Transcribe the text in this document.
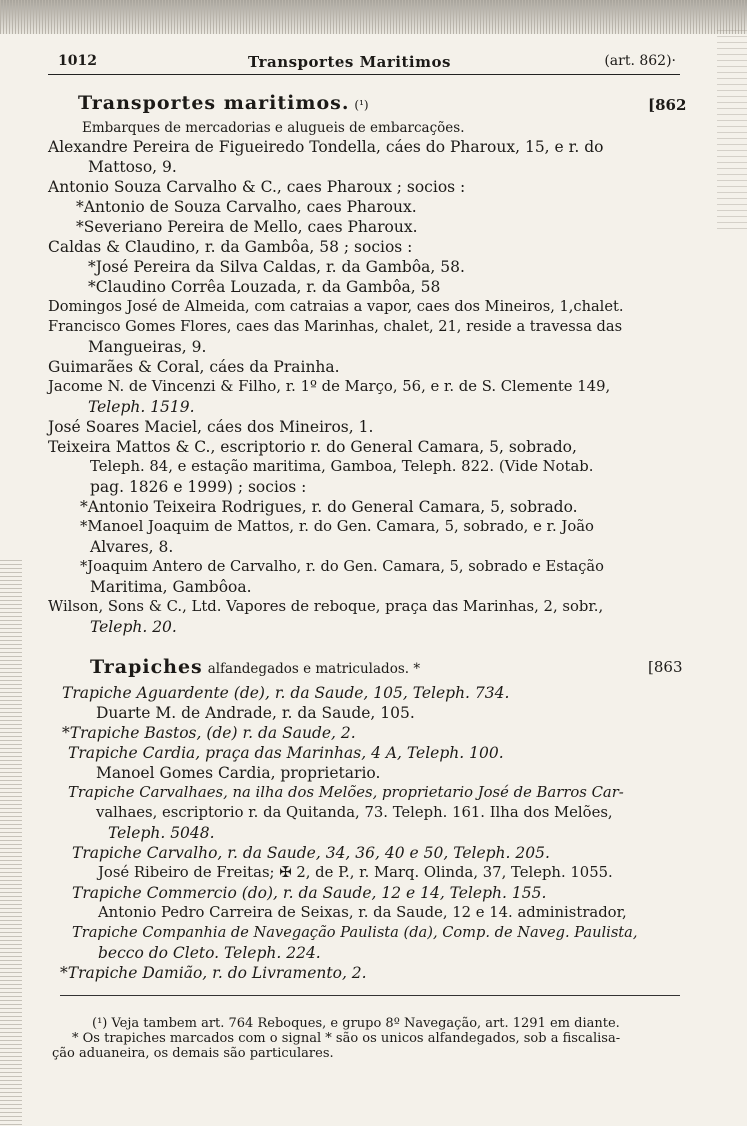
1012	Transportes Maritimos	(art. 862)·
Transportes maritimos. (¹)	[862
Embarques de mercadorias e alugueis de embarcações.
Alexandre Pereira de Figueiredo Tondella, cáes do Pharoux, 15, e r. do
Mattoso, 9.
Antonio Souza Carvalho & C., caes Pharoux ; socios :
*Antonio de Souza Carvalho, caes Pharoux.
*Severiano Pereira de Mello, caes Pharoux.
Caldas & Claudino, r. da Gambôa, 58 ; socios :
*José Pereira da Silva Caldas, r. da Gambôa, 58.
*Claudino Corrêa Louzada, r. da Gambôa, 58
Domingos José de Almeida, com catraias a vapor, caes dos Mineiros, 1,chalet.
Francisco Gomes Flores, caes das Marinhas, chalet, 21, reside a travessa das
Mangueiras, 9.
Guimarães & Coral, cáes da Prainha.
Jacome N. de Vincenzi & Filho, r. 1º de Março, 56, e r. de S. Clemente 149,
Teleph. 1519.
José Soares Maciel, cáes dos Mineiros, 1.
Teixeira Mattos & C., escriptorio r. do General Camara, 5, sobrado,
Teleph. 84, e estação maritima, Gamboa, Teleph. 822. (Vide Notab.
pag. 1826 e 1999) ; socios :
*Antonio Teixeira Rodrigues, r. do General Camara, 5, sobrado.
*Manoel Joaquim de Mattos, r. do Gen. Camara, 5, sobrado, e r. João
Alvares, 8.
*Joaquim Antero de Carvalho, r. do Gen. Camara, 5, sobrado e Estação
Maritima, Gambôoa.
Wilson, Sons & C., Ltd. Vapores de reboque, praça das Marinhas, 2, sobr.,
Teleph. 20.
Trapiches alfandegados e matriculados. *	[863
Trapiche Aguardente (de), r. da Saude, 105, Teleph. 734.
Duarte M. de Andrade, r. da Saude, 105.
*Trapiche Bastos, (de) r. da Saude, 2.
Trapiche Cardia, praça das Marinhas, 4 A, Teleph. 100.
Manoel Gomes Cardia, proprietario.
Trapiche Carvalhaes, na ilha dos Melões, proprietario José de Barros Car-
valhaes, escriptorio r. da Quitanda, 73. Teleph. 161. Ilha dos Melões,
Teleph. 5048.
Trapiche Carvalho, r. da Saude, 34, 36, 40 e 50, Teleph. 205.
José Ribeiro de Freitas; ✠ 2, de P., r. Marq. Olinda, 37, Teleph. 1055.
Trapiche Commercio (do), r. da Saude, 12 e 14, Teleph. 155.
Antonio Pedro Carreira de Seixas, r. da Saude, 12 e 14. administrador,
Trapiche Companhia de Navegação Paulista (da), Comp. de Naveg. Paulista,
becco do Cleto. Teleph. 224.
*Trapiche Damião, r. do Livramento, 2.
(¹) Veja tambem art. 764 Reboques, e grupo 8º Navegação, art. 1291 em diante.
* Os trapiches marcados com o signal * são os unicos alfandegados, sob a fiscalisa-
ção aduaneira, os demais são particulares.
